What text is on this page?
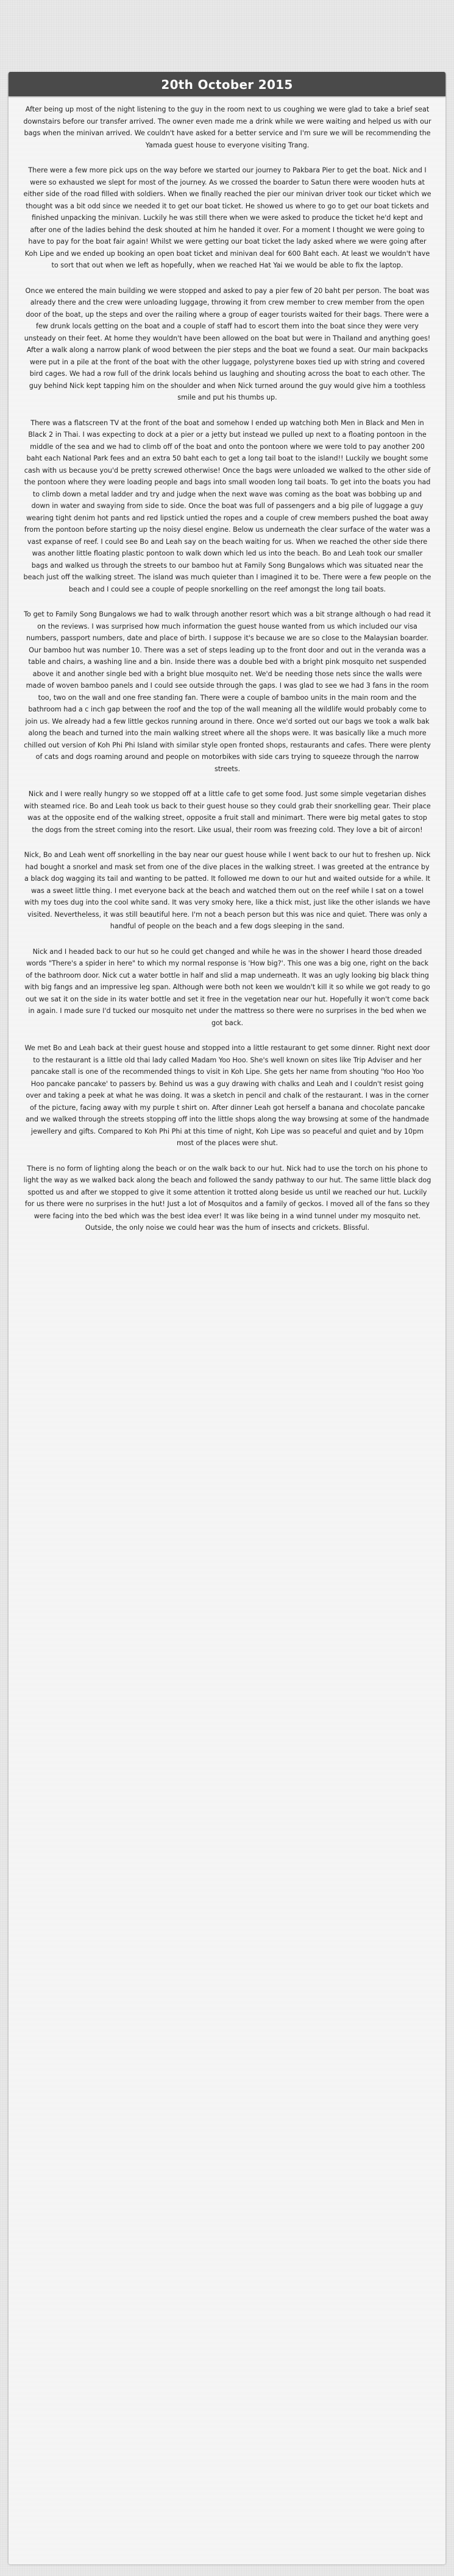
20th October 2015

After being up most of the night listening to the guy in the room next to us coughing we were glad to take a brief seat downstairs before our transfer arrived. The owner even made me a drink while we were waiting and helped us with our bags when the minivan arrived. We couldn't have asked for a better service and I'm sure we will be recommending the Yamada guest house to everyone visiting Trang.

There were a few more pick ups on the way before we started our journey to Pakbara Pier to get the boat. Nick and I were so exhausted we slept for most of the journey. As we crossed the boarder to Satun there were wooden huts at either side of the road filled with soldiers. When we finally reached the pier our minivan driver took our ticket which we thought was a bit odd since we needed it to get our boat ticket. He showed us where to go to get our boat tickets and finished unpacking the minivan. Luckily he was still there when we were asked to produce the ticket he'd kept and after one of the ladies behind the desk shouted at him he handed it over. For a moment I thought we were going to have to pay for the boat fair again! Whilst we were getting our boat ticket the lady asked where we were going after Koh Lipe and we ended up booking an open boat ticket and minivan deal for 600 Baht each. At least we wouldn't have to sort that out when we left as hopefully, when we reached Hat Yai we would be able to fix the laptop.

Once we entered the main building we were stopped and asked to pay a pier few of 20 baht per person. The boat was already there and the crew were unloading luggage, throwing it from crew member to crew member from the open door of the boat, up the steps and over the railing where a group of eager tourists waited for their bags. There were a few drunk locals getting on the boat and a couple of staff had to escort them into the boat since they were very unsteady on their feet. At home they wouldn't have been allowed on the boat but were in Thailand and anything goes! After a walk along a narrow plank of wood between the pier steps and the boat we found a seat. Our main backpacks were put in a pile at the front of the boat with the other luggage, polystyrene boxes tied up with string and covered bird cages. We had a row full of the drink locals behind us laughing and shouting across the boat to each other. The guy behind Nick kept tapping him on the shoulder and when Nick turned around the guy would give him a toothless smile and put his thumbs up.

There was a flatscreen TV at the front of the boat and somehow I ended up watching both Men in Black and Men in Black 2 in Thai. I was expecting to dock at a pier or a jetty but instead we pulled up next to a floating pontoon in the middle of the sea and we had to climb off of the boat and onto the pontoon where we were told to pay another 200 baht each National Park fees and an extra 50 baht each to get a long tail boat to the island!! Luckily we bought some cash with us because you'd be pretty screwed otherwise! Once the bags were unloaded we walked to the other side of the pontoon where they were loading people and bags into small wooden long tail boats. To get into the boats you had to climb down a metal ladder and try and judge when the next wave was coming as the boat was bobbing up and down in water and swaying from side to side. Once the boat was full of passengers and a big pile of luggage a guy wearing tight denim hot pants and red lipstick untied the ropes and a couple of crew members pushed the boat away from the pontoon before starting up the noisy diesel engine. Below us underneath the clear surface of the water was a vast expanse of reef. I could see Bo and Leah say on the beach waiting for us. When we reached the other side there was another little floating plastic pontoon to walk down which led us into the beach. Bo and Leah took our smaller bags and walked us through the streets to our bamboo hut at Family Song Bungalows which was situated near the beach just off the walking street. The island was much quieter than I imagined it to be. There were a few people on the beach and I could see a couple of people snorkelling on the reef amongst the long tail boats.

To get to Family Song Bungalows we had to walk through another resort which was a bit strange although o had read it on the reviews. I was surprised how much information the guest house wanted from us which included our visa numbers, passport numbers, date and place of birth. I suppose it's because we are so close to the Malaysian boarder. Our bamboo hut was number 10. There was a set of steps leading up to the front door and out in the veranda was a table and chairs, a washing line and a bin. Inside there was a double bed with a bright pink mosquito net suspended above it and another single bed with a bright blue mosquito net. We'd be needing those nets since the walls were made of woven bamboo panels and I could see outside through the gaps. I was glad to see we had 3 fans in the room too, two on the wall and one free standing fan. There were a couple of bamboo units in the main room and the bathroom had a c inch gap between the roof and the top of the wall meaning all the wildlife would probably come to join us. We already had a few little geckos running around in there. Once we'd sorted out our bags we took a walk bak along the beach and turned into the main walking street where all the shops were. It was basically like a much more chilled out version of Koh Phi Phi Island with similar style open fronted shops, restaurants and cafes. There were plenty of cats and dogs roaming around and people on motorbikes with side cars trying to squeeze through the narrow streets.

Nick and I were really hungry so we stopped off at a little cafe to get some food. Just some simple vegetarian dishes with steamed rice. Bo and Leah took us back to their guest house so they could grab their snorkelling gear. Their place was at the opposite end of the walking street, opposite a fruit stall and minimart. There were big metal gates to stop the dogs from the street coming into the resort. Like usual, their room was freezing cold. They love a bit of aircon!

Nick, Bo and Leah went off snorkelling in the bay near our guest house while I went back to our hut to freshen up. Nick had bought a snorkel and mask set from one of the dive places in the walking street. I was greeted at the entrance by a black dog wagging its tail and wanting to be patted. It followed me down to our hut and waited outside for a while. It was a sweet little thing. I met everyone back at the beach and watched them out on the reef while I sat on a towel with my toes dug into the cool white sand. It was very smoky here, like a thick mist, just like the other islands we have visited. Nevertheless, it was still beautiful here. I'm not a beach person but this was nice and quiet. There was only a handful of people on the beach and a few dogs sleeping in the sand.

Nick and I headed back to our hut so he could get changed and while he was in the shower I heard those dreaded words "There's a spider in here" to which my normal response is 'How big?'. This one was a big one, right on the back of the bathroom door. Nick cut a water bottle in half and slid a map underneath. It was an ugly looking big black thing with big fangs and an impressive leg span. Although were both not keen we wouldn't kill it so while we got ready to go out we sat it on the side in its water bottle and set it free in the vegetation near our hut. Hopefully it won't come back in again. I made sure I'd tucked our mosquito net under the mattress so there were no surprises in the bed when we got back.

We met Bo and Leah back at their guest house and stopped into a little restaurant to get some dinner. Right next door to the restaurant is a little old thai lady called Madam Yoo Hoo. She's well known on sites like Trip Adviser and her pancake stall is one of the recommended things to visit in Koh Lipe. She gets her name from shouting 'Yoo Hoo Yoo Hoo pancake pancake' to passers by. Behind us was a guy drawing with chalks and Leah and I couldn't resist going over and taking a peek at what he was doing. It was a sketch in pencil and chalk of the restaurant. I was in the corner of the picture, facing away with my purple t shirt on. After dinner Leah got herself a banana and chocolate pancake and we walked through the streets stopping off into the little shops along the way browsing at some of the handmade jewellery and gifts. Compared to Koh Phi Phi at this time of night, Koh Lipe was so peaceful and quiet and by 10pm most of the places were shut.

There is no form of lighting along the beach or on the walk back to our hut. Nick had to use the torch on his phone to light the way as we walked back along the beach and followed the sandy pathway to our hut. The same little black dog spotted us and after we stopped to give it some attention it trotted along beside us until we reached our hut. Luckily for us there were no surprises in the hut! Just a lot of Mosquitos and a family of geckos. I moved all of the fans so they were facing into the bed which was the best idea ever! It was like being in a wind tunnel under my mosquito net. Outside, the only noise we could hear was the hum of insects and crickets. Blissful.
